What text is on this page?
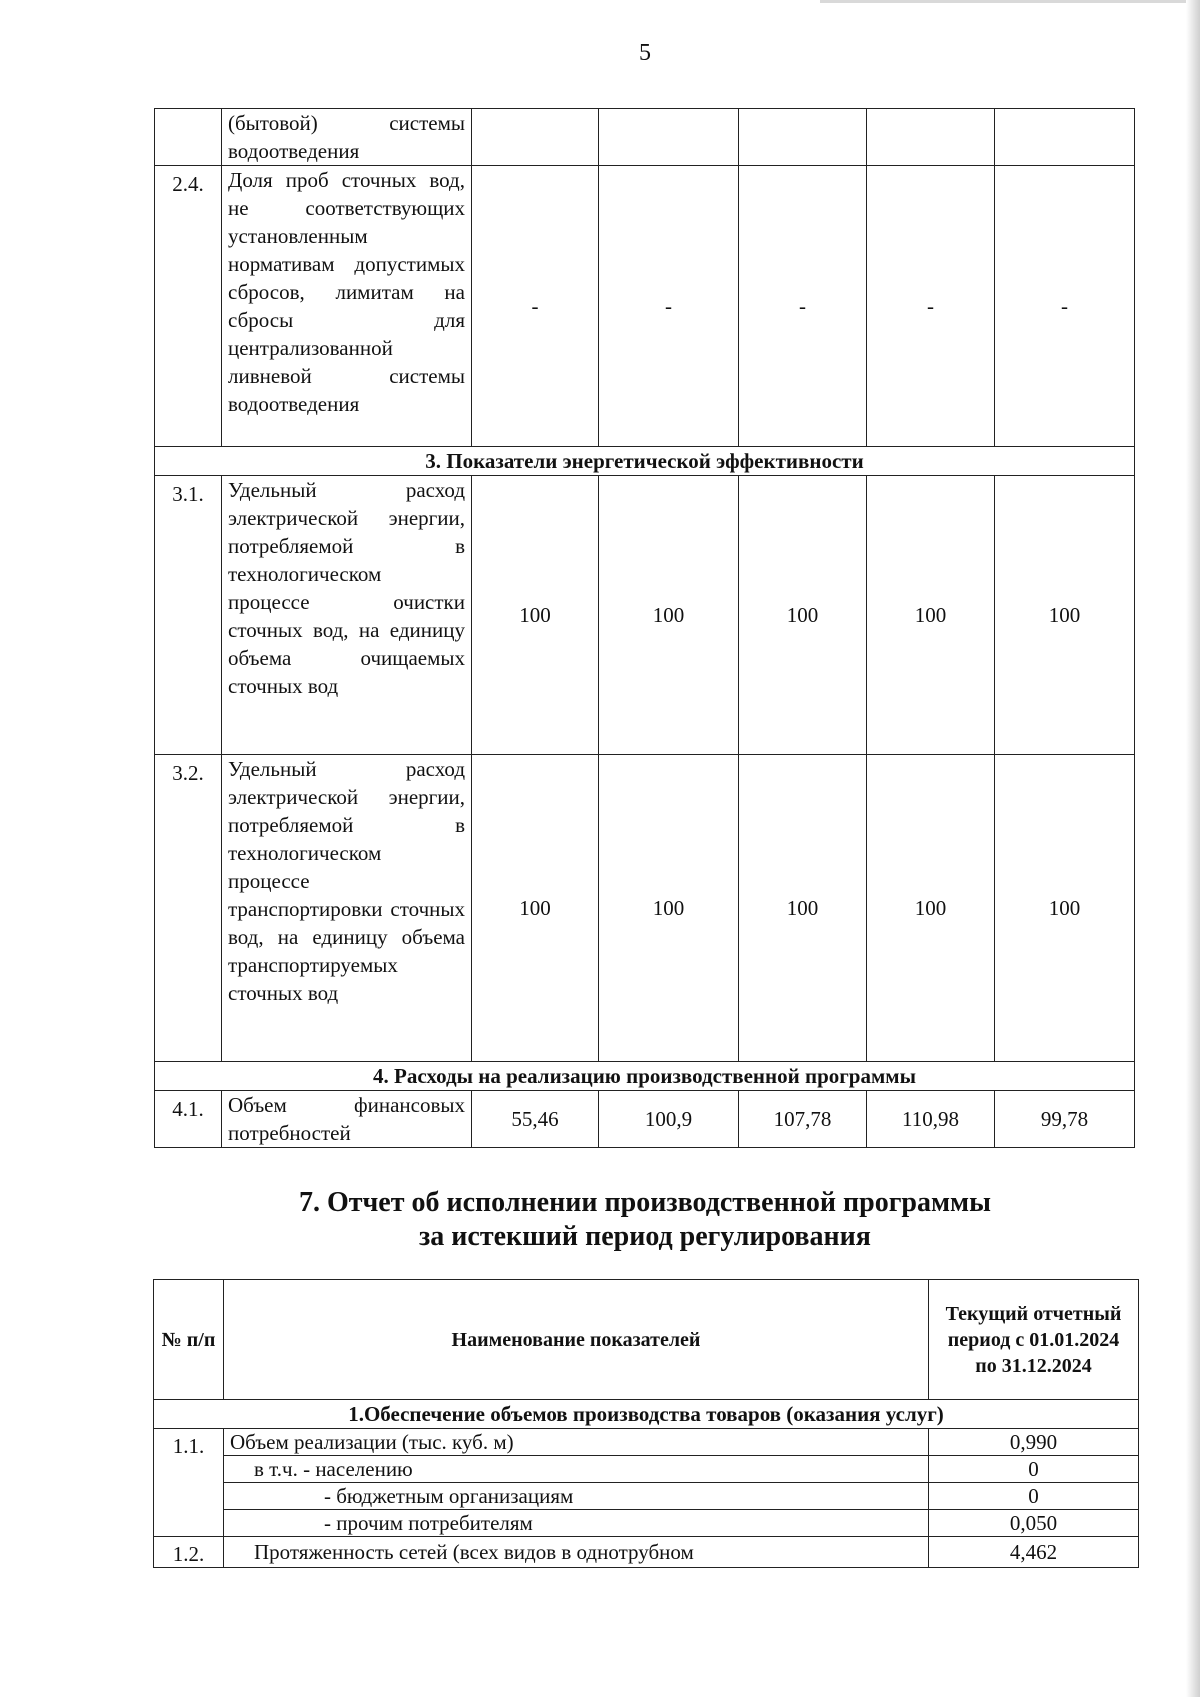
5
	(бытовой) системы водоотведения					
2.4.	Доля проб сточных вод, не соответствующих установленным нормативам допустимых сбросов, лимитам на сбросы для централизованной ливневой системы водоотведения	-	-	-	-	-
3. Показатели энергетической эффективности						
3.1.	Удельный расход электрической энергии, потребляемой в технологическом процессе очистки сточных вод, на единицу объема очищаемых сточных вод	100	100	100	100	100
3.2.	Удельный расход электрической энергии, потребляемой в технологическом процессе транспортировки сточных вод, на единицу объема транспортируемых сточных вод	100	100	100	100	100
4. Расходы на реализацию производственной программы						
4.1.	Объем финансовых потребностей	55,46	100,9	107,78	110,98	99,78
7. Отчет об исполнении производственной программы
за истекший период регулирования
№ п/п	Наименование показателей	Текущий отчетный период с 01.01.2024 по 31.12.2024
1.Обеспечение объемов производства товаров (оказания услуг)		
1.1.	Объем реализации (тыс. куб. м)	0,990
	в т.ч. - населению	0
	- бюджетным организациям	0
	- прочим потребителям	0,050
1.2.	Протяженность сетей (всех видов в однотрубном	4,462
